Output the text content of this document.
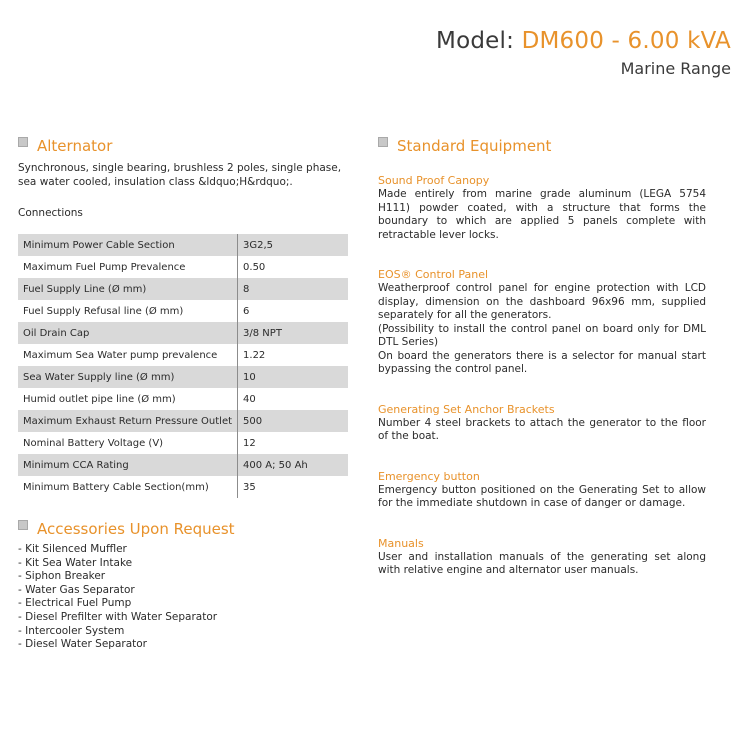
Model: DM600 - 6.00 kVA
Marine Range
Alternator
Synchronous, single bearing, brushless 2 poles, single phase, sea water cooled, insulation class &ldquo;H&rdquo;.
Connections
Minimum Power Cable Section	3G2,5
Maximum Fuel Pump Prevalence	0.50
Fuel Supply Line (Ø mm)	8
Fuel Supply Refusal line (Ø mm)	6
Oil Drain Cap	3/8 NPT
Maximum Sea Water pump prevalence	1.22
Sea Water Supply line (Ø mm)	10
Humid outlet pipe line (Ø mm)	40
Maximum Exhaust Return Pressure Outlet	500
Nominal Battery Voltage (V)	12
Minimum CCA Rating	400 A; 50 Ah
Minimum Battery Cable Section(mm)	35
Accessories Upon Request
- Kit Silenced Muffler
- Kit Sea Water Intake
- Siphon Breaker
- Water Gas Separator
- Electrical Fuel Pump
- Diesel Prefilter with Water Separator
- Intercooler System
- Diesel Water Separator
Standard Equipment
Sound Proof Canopy
Made entirely from marine grade aluminum (LEGA 5754 H111) powder coated, with a structure that forms the boundary to which are applied 5 panels complete with retractable lever locks.
EOS® Control Panel
Weatherproof control panel for engine protection with LCD display, dimension on the dashboard 96x96 mm, supplied separately for all the generators.
(Possibility to install the control panel on board only for DML DTL Series)
On board the generators there is a selector for manual start bypassing the control panel.
Generating Set Anchor Brackets
Number 4 steel brackets to attach the generator to the floor of the boat.
Emergency button
Emergency button positioned on the Generating Set to allow for the immediate shutdown in case of danger or damage.
Manuals
User and installation manuals of the generating set along with relative engine and alternator user manuals.
